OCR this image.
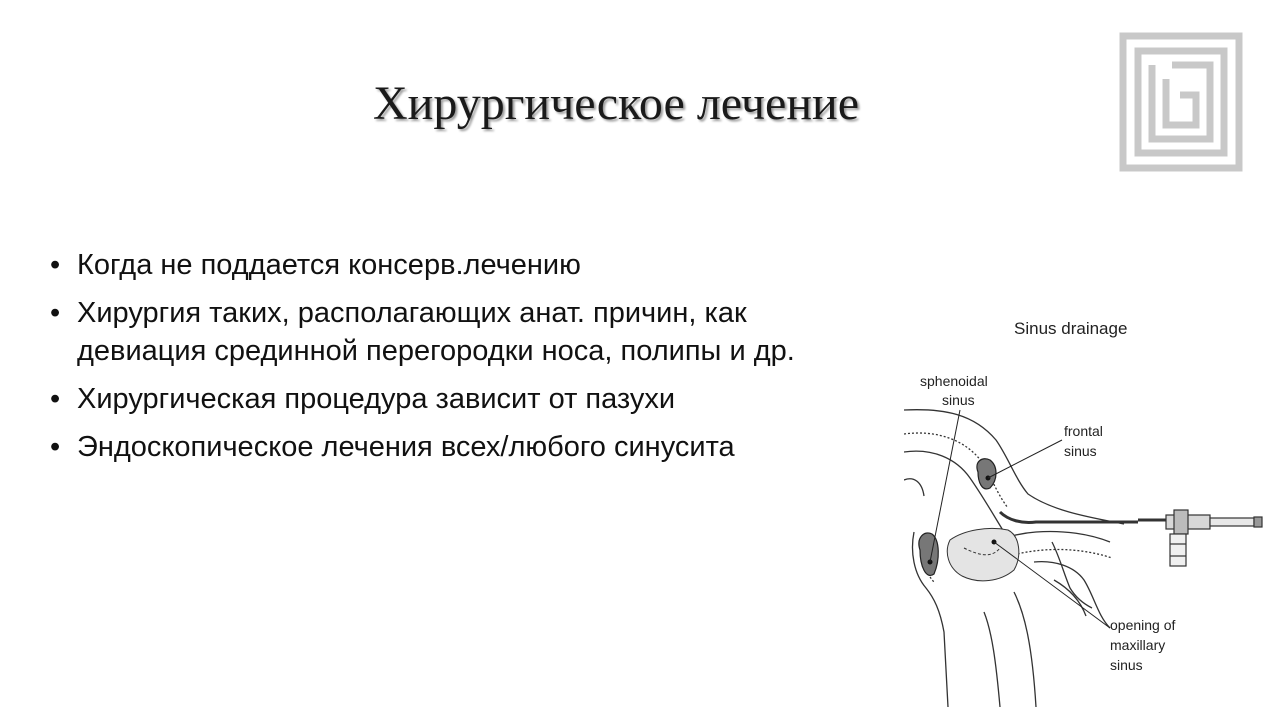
Хирургическое лечение
• Когда не поддается консерв.лечению
• Хирургия таких, располагающих анат. причин, как девиация срединной перегородки носа, полипы и др.
• Хирургическая процедура зависит от пазухи
• Эндоскопическое лечения всех/любого синусита
Sinus drainage
sphenoidal
sinus
frontal
sinus
opening of
maxillary
sinus
